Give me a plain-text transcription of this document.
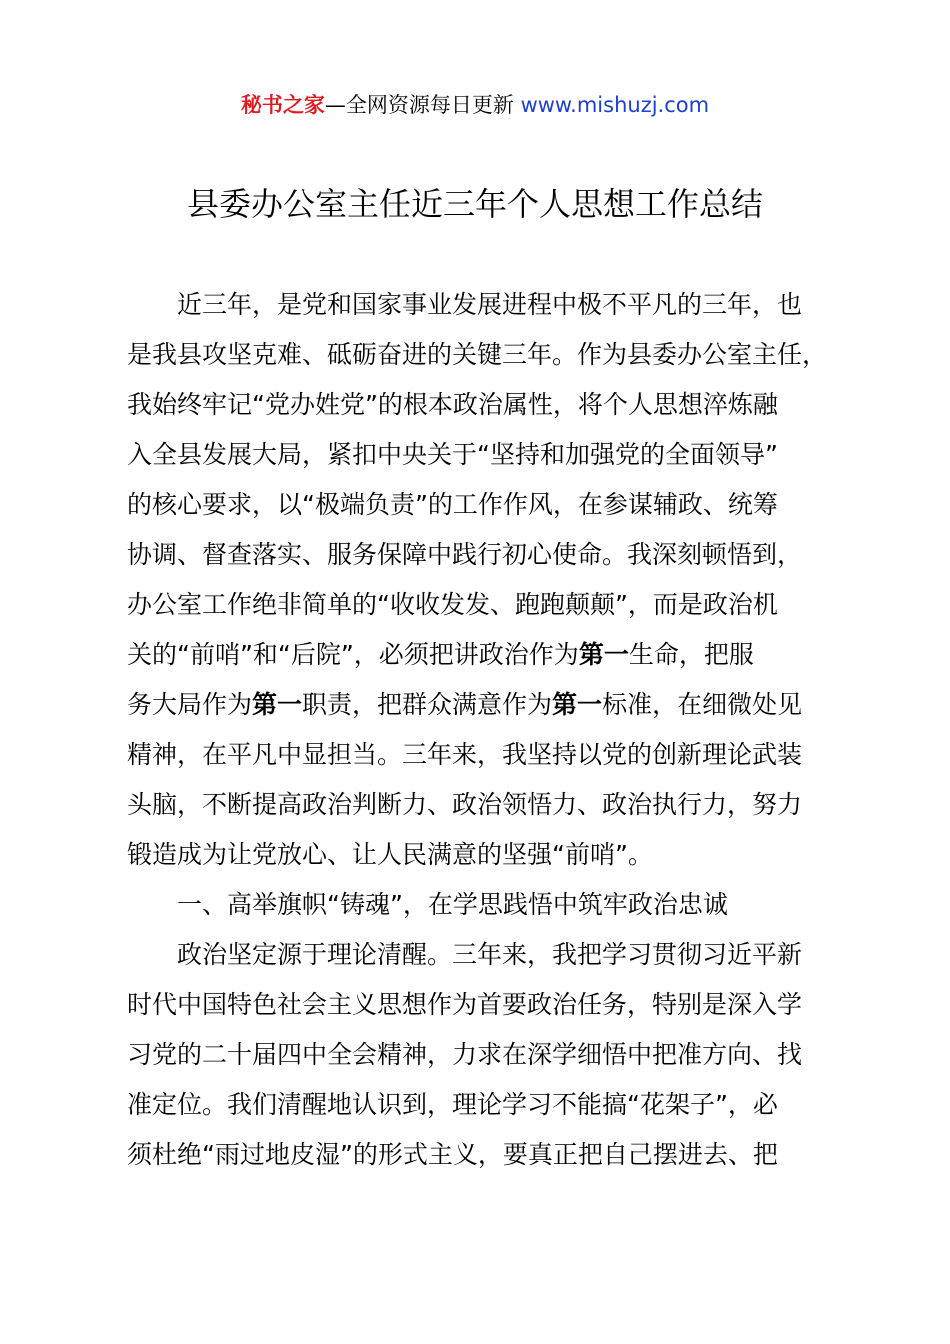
秘书之家—全网资源每日更新 www.mishuzj.com
县委办公室主任近三年个人思想工作总结
近三年，是党和国家事业发展进程中极不平凡的三年，也
是我县攻坚克难、砥砺奋进的关键三年。作为县委办公室主任，
我始终牢记“党办姓党”的根本政治属性，将个人思想淬炼融
入全县发展大局，紧扣中央关于“坚持和加强党的全面领导”
的核心要求，以“极端负责”的工作作风，在参谋辅政、统筹
协调、督查落实、服务保障中践行初心使命。我深刻顿悟到，
办公室工作绝非简单的“收收发发、跑跑颠颠”，而是政治机
关的“前哨”和“后院”，必须把讲政治作为第一生命，把服
务大局作为第一职责，把群众满意作为第一标准，在细微处见
精神，在平凡中显担当。三年来，我坚持以党的创新理论武装
头脑，不断提高政治判断力、政治领悟力、政治执行力，努力
锻造成为让党放心、让人民满意的坚强“前哨”。
一、高举旗帜“铸魂”，在学思践悟中筑牢政治忠诚
政治坚定源于理论清醒。三年来，我把学习贯彻习近平新
时代中国特色社会主义思想作为首要政治任务，特别是深入学
习党的二十届四中全会精神，力求在深学细悟中把准方向、找
准定位。我们清醒地认识到，理论学习不能搞“花架子”，必
须杜绝“雨过地皮湿”的形式主义，要真正把自己摆进去、把
